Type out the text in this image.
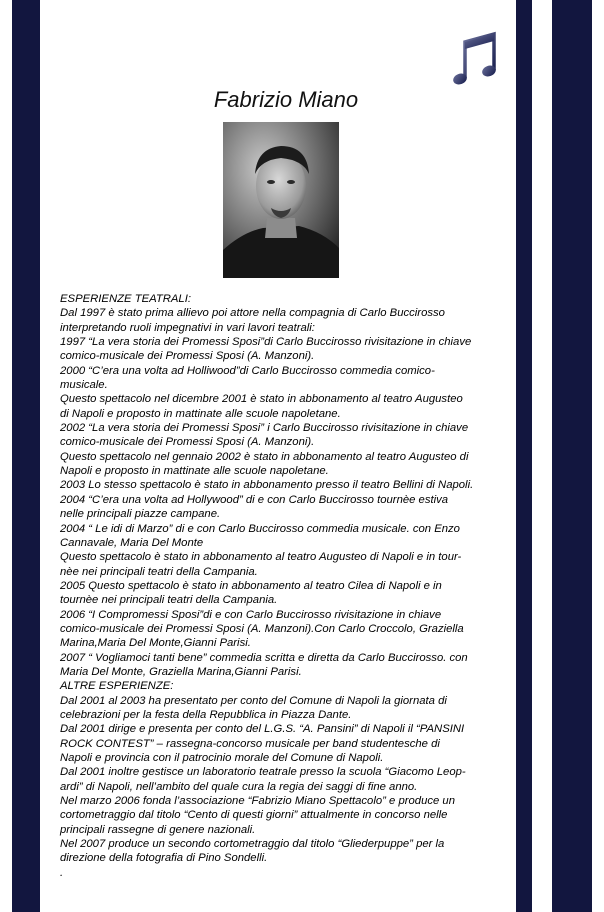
Fabrizio Miano
ESPERIENZE TEATRALI:
Dal 1997 è stato prima allievo poi attore nella compagnia di Carlo Buccirosso
interpretando ruoli impegnativi in vari lavori teatrali:
1997 “La vera storia dei Promessi Sposi”di Carlo Buccirosso rivisitazione in chiave
comico-musicale dei Promessi Sposi (A. Manzoni).
2000 “C’era una volta ad Holliwood”di Carlo Buccirosso commedia comico-
musicale.
Questo spettacolo nel dicembre 2001 è stato in abbonamento al teatro Augusteo
di Napoli e proposto in mattinate alle scuole napoletane.
2002 “La vera storia dei Promessi Sposi” i Carlo Buccirosso rivisitazione in chiave
comico-musicale dei Promessi Sposi (A. Manzoni).
Questo spettacolo nel gennaio 2002 è stato in abbonamento al teatro Augusteo di
Napoli e proposto in mattinate alle scuole napoletane.
2003 Lo stesso spettacolo è stato in abbonamento presso il teatro Bellini di Napoli.
2004 “C’era una volta ad Hollywood” di e con Carlo Buccirosso tournèe estiva
nelle principali piazze campane.
2004 “ Le idi di Marzo” di e con Carlo Buccirosso commedia musicale. con Enzo
Cannavale, Maria Del Monte
Questo spettacolo è stato in abbonamento al teatro Augusteo di Napoli e in tour-
nèe nei principali teatri della Campania.
2005 Questo spettacolo è stato in abbonamento al teatro Cilea di Napoli e in
tournèe nei principali teatri della Campania.
2006 “I Compromessi Sposi”di e con Carlo Buccirosso rivisitazione in chiave
comico-musicale dei Promessi Sposi (A. Manzoni).Con Carlo Croccolo, Graziella
Marina,Maria Del Monte,Gianni Parisi.
2007 “ Vogliamoci tanti bene” commedia scritta e diretta da Carlo Buccirosso. con
Maria Del Monte, Graziella Marina,Gianni Parisi.
ALTRE ESPERIENZE:
Dal 2001 al 2003 ha presentato per conto del Comune di Napoli la giornata di
celebrazioni per la festa della Repubblica in Piazza Dante.
Dal 2001 dirige e presenta per conto del L.G.S. “A. Pansini” di Napoli il “PANSINI
ROCK CONTEST” – rassegna-concorso musicale per band studentesche di
Napoli e provincia con il patrocinio morale del Comune di Napoli.
Dal 2001 inoltre gestisce un laboratorio teatrale presso la scuola “Giacomo Leop-
ardi” di Napoli, nell’ambito del quale cura la regia dei saggi di fine anno.
Nel marzo 2006 fonda l’associazione “Fabrizio Miano Spettacolo” e produce un
cortometraggio dal titolo “Cento di questi giorni” attualmente in concorso nelle
principali rassegne di genere nazionali.
Nel 2007 produce un secondo cortometraggio dal titolo “Gliederpuppe” per la
direzione della fotografia di Pino Sondelli.
.
